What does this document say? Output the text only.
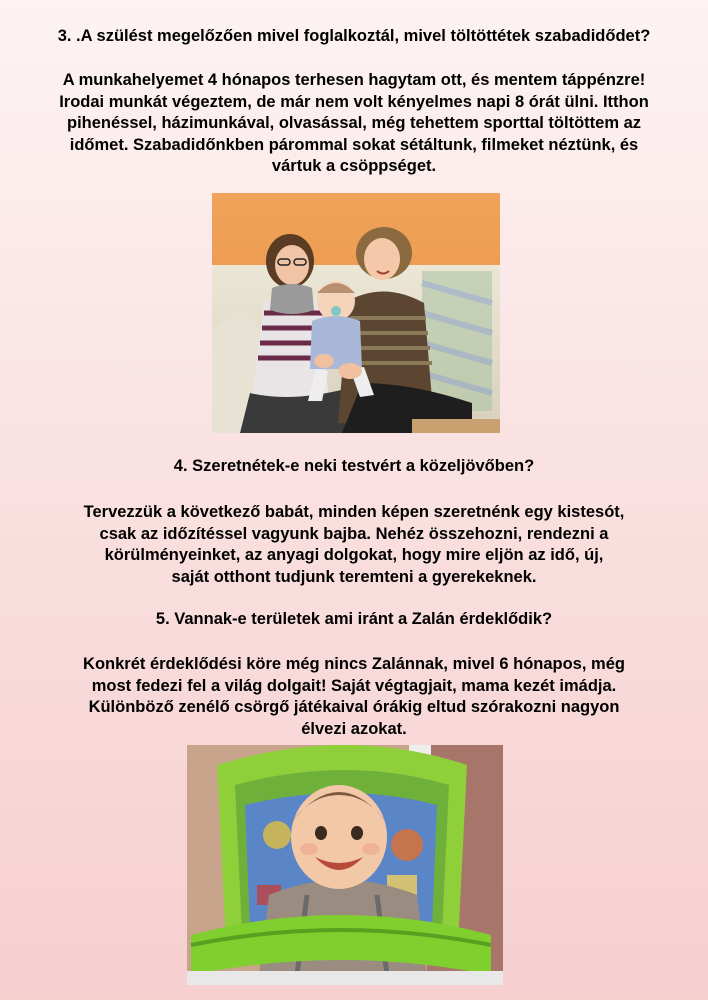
3. .A szülést megelőzően mivel foglalkoztál, mivel töltöttétek szabadidődet?

A munkahelyemet 4 hónapos terhesen hagytam ott, és mentem táppénzre!

Irodai munkát végeztem, de már nem volt kényelmes napi 8 órát ülni. Itthon

pihenéssel, házimunkával, olvasással, még tehettem sporttal töltöttem az

időmet. Szabadidőnkben párommal sokat sétáltunk, filmeket néztünk, és

vártuk a csöppséget.

4. Szeretnétek-e neki testvért a közeljövőben?

Tervezzük a következő babát, minden képen szeretnénk egy kistesót,

csak az időzítéssel vagyunk bajba. Nehéz összehozni, rendezni a

körülményeinket, az anyagi dolgokat, hogy mire eljön az idő, új,

saját otthont tudjunk teremteni a gyerekeknek.

5. Vannak-e területek ami iránt a Zalán érdeklődik?

Konkrét érdeklődési köre még nincs Zalánnak, mivel 6 hónapos, még

most fedezi fel a világ dolgait! Saját végtagjait, mama kezét imádja.

Különböző zenélő csörgő játékaival órákig eltud szórakozni nagyon

élvezi azokat.
